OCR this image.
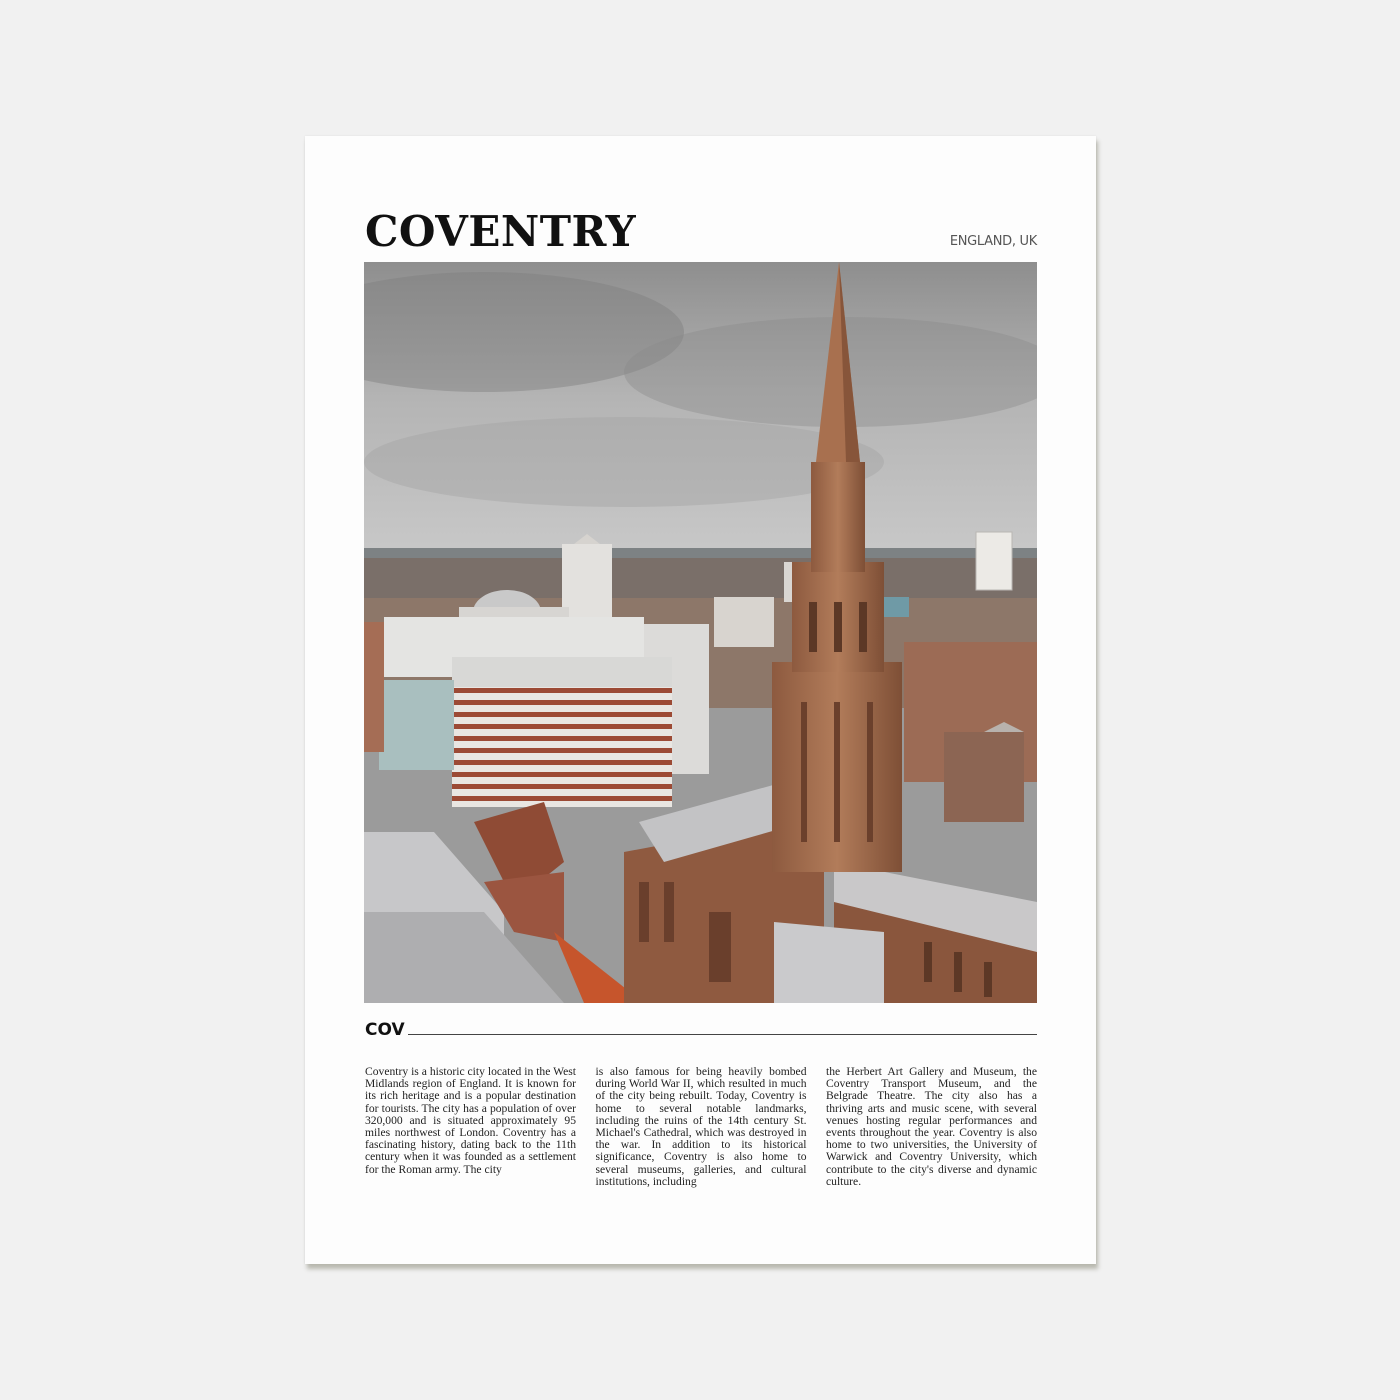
COVENTRY	ENGLAND, UK
COV

Coventry is a historic city located in the West Midlands region of England. It is known for its rich heritage and is a popular destination for tourists. The city has a population of over 320,000 and is situated approximately 95 miles northwest of London. Coventry has a fascinating history, dating back to the 11th century when it was founded as a settlement for the Roman army. The city

is also famous for being heavily bombed during World War II, which resulted in much of the city being rebuilt. Today, Coventry is home to several notable landmarks, including the ruins of the 14th century St. Michael's Cathedral, which was destroyed in the war. In addition to its historical significance, Coventry is also home to several museums, galleries, and cultural institutions, including

the Herbert Art Gallery and Museum, the Coventry Transport Museum, and the Belgrade Theatre. The city also has a thriving arts and music scene, with several venues hosting regular performances and events throughout the year. Coventry is also home to two universities, the University of Warwick and Coventry University, which contribute to the city's diverse and dynamic culture.
